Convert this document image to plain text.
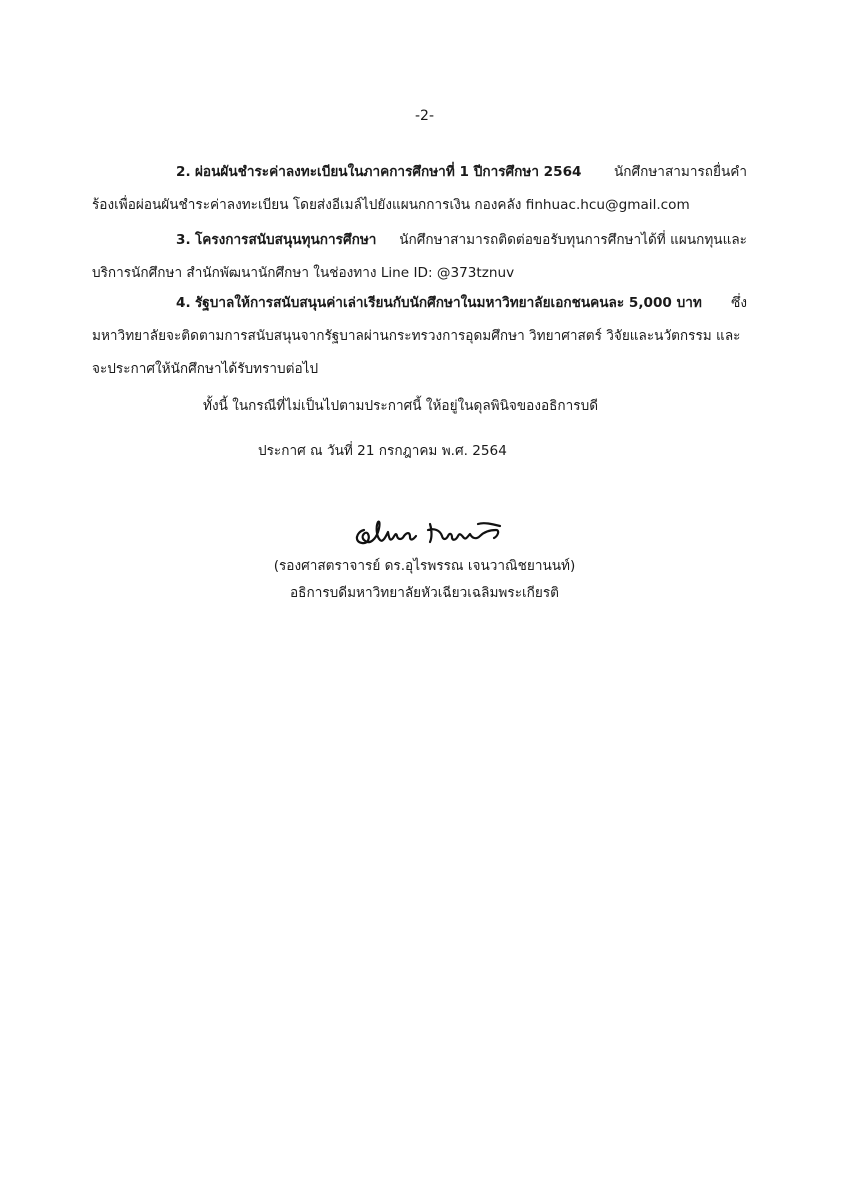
-2-
2. ผ่อนผันชำระค่าลงทะเบียนในภาคการศึกษาที่ 1 ปีการศึกษา 2564 นักศึกษาสามารถยื่นคำ
ร้องเพื่อผ่อนผันชำระค่าลงทะเบียน โดยส่งอีเมล์ไปยังแผนกการเงิน กองคลัง finhuac.hcu@gmail.com
3. โครงการสนับสนุนทุนการศึกษา นักศึกษาสามารถติดต่อขอรับทุนการศึกษาได้ที่ แผนกทุนและ
บริการนักศึกษา สำนักพัฒนานักศึกษา ในช่องทาง Line ID: @373tznuv
4. รัฐบาลให้การสนับสนุนค่าเล่าเรียนกับนักศึกษาในมหาวิทยาลัยเอกชนคนละ 5,000 บาท ซึ่ง
มหาวิทยาลัยจะติดตามการสนับสนุนจากรัฐบาลผ่านกระทรวงการอุดมศึกษา วิทยาศาสตร์ วิจัยและนวัตกรรม และ
จะประกาศให้นักศึกษาได้รับทราบต่อไป
ทั้งนี้ ในกรณีที่ไม่เป็นไปตามประกาศนี้ ให้อยู่ในดุลพินิจของอธิการบดี
ประกาศ ณ วันที่ 21 กรกฎาคม พ.ศ. 2564
(รองศาสตราจารย์ ดร.อุไรพรรณ เจนวาณิชยานนท์)
อธิการบดีมหาวิทยาลัยหัวเฉียวเฉลิมพระเกียรติ
